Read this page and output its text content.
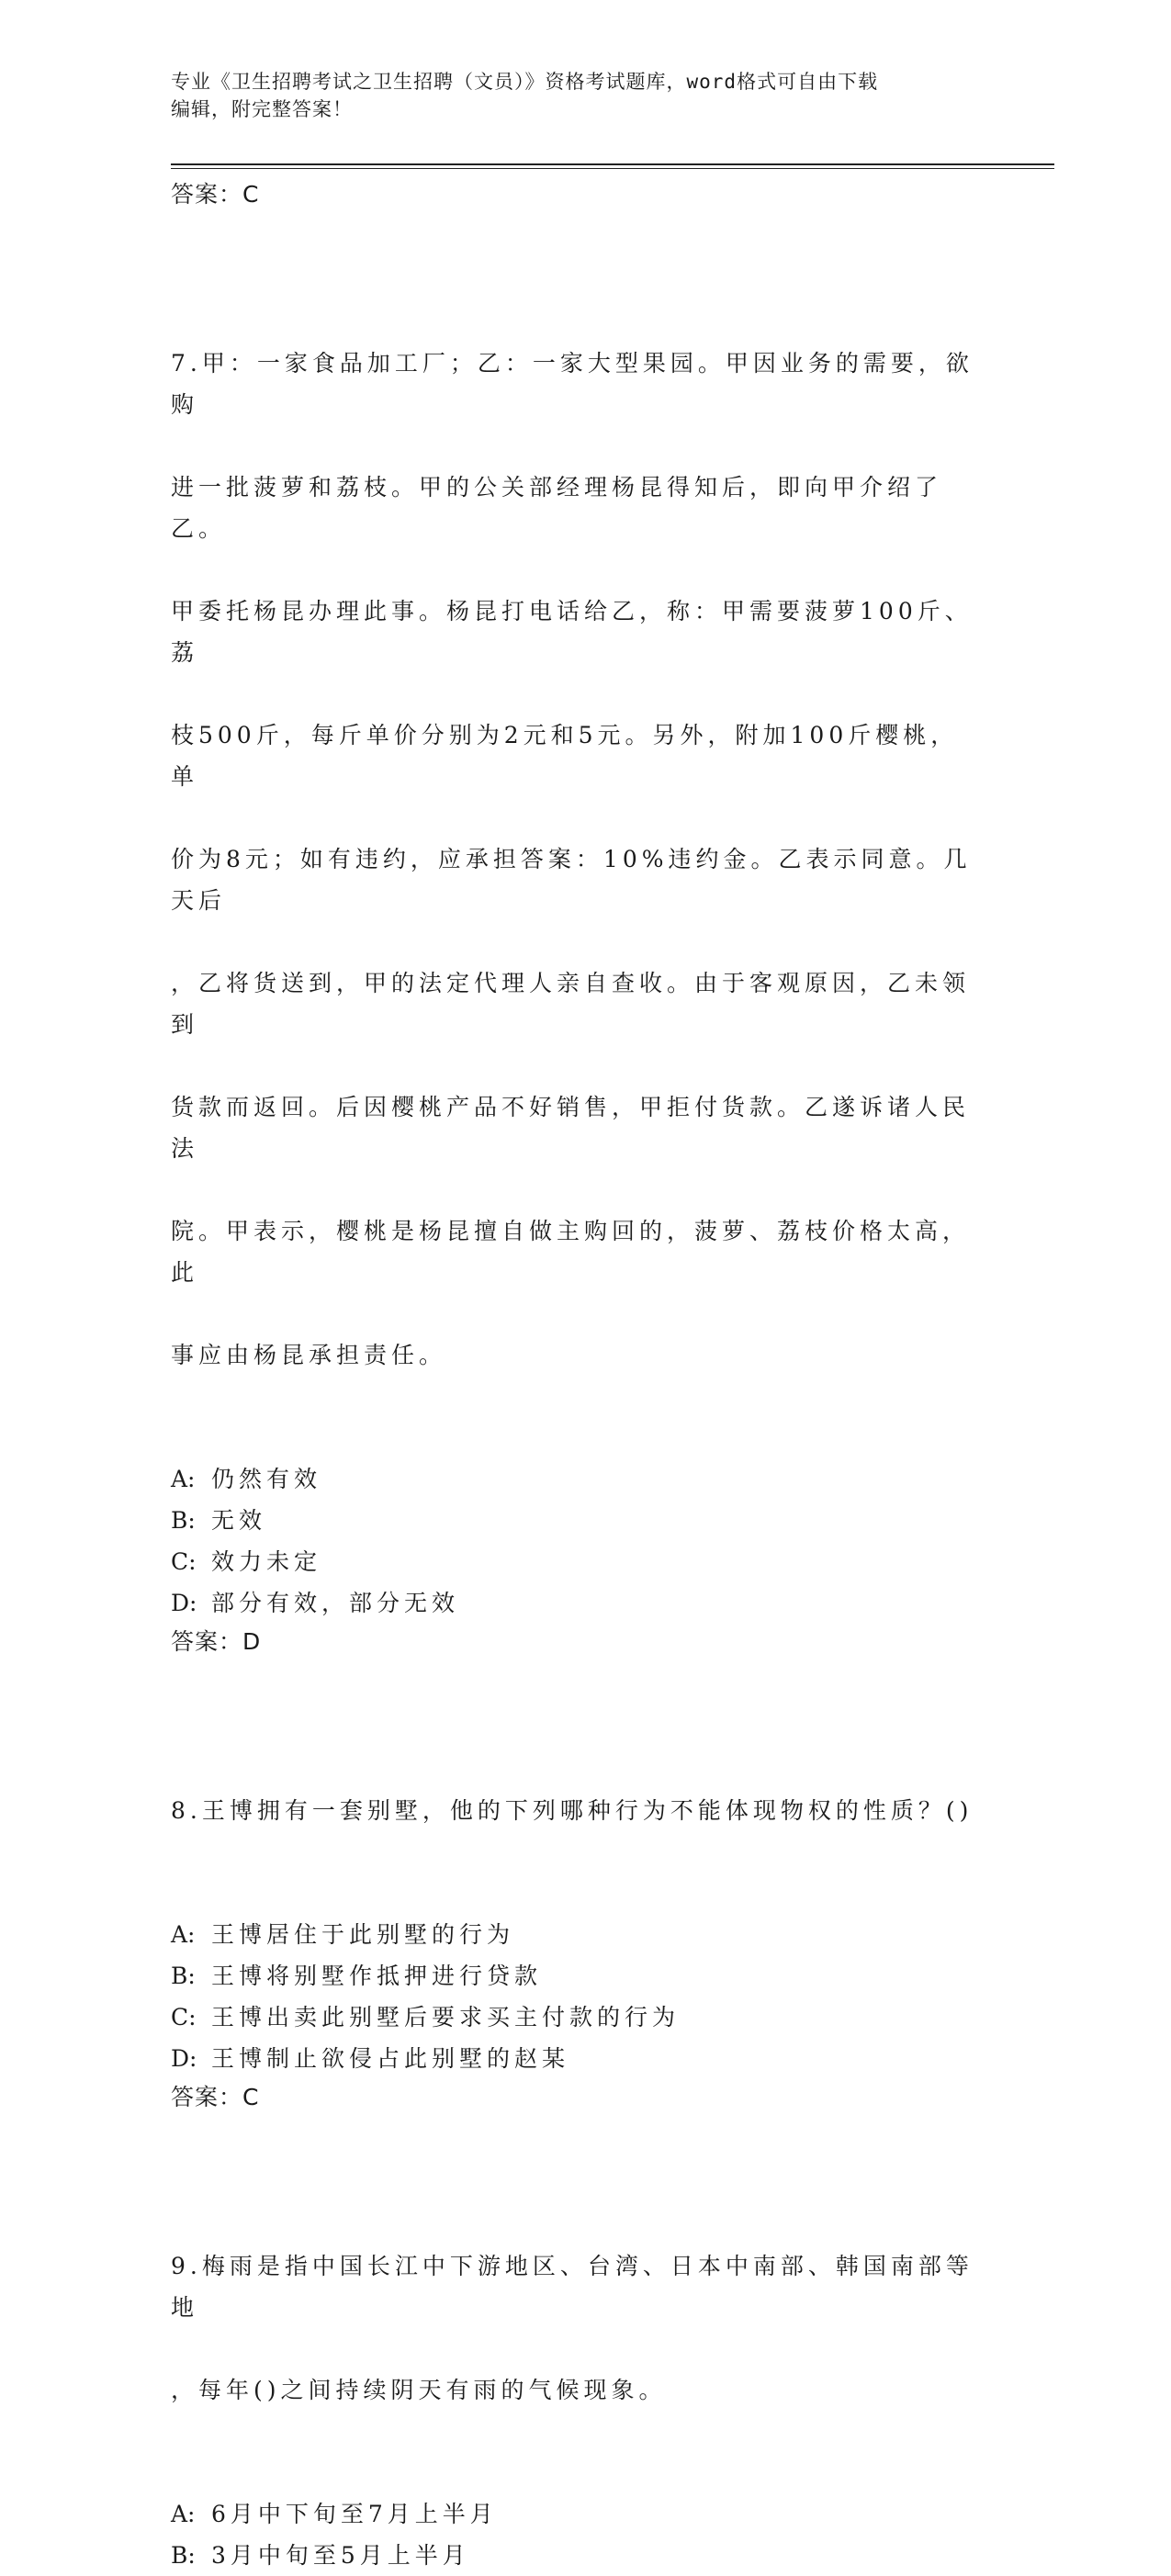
专业《卫生招聘考试之卫生招聘（文员）》资格考试题库，word格式可自由下载
编辑，附完整答案！
答案：C

7.甲：一家食品加工厂；乙：一家大型果园。甲因业务的需要，欲购

进一批菠萝和荔枝。甲的公关部经理杨昆得知后，即向甲介绍了乙。

甲委托杨昆办理此事。杨昆打电话给乙，称：甲需要菠萝100斤、荔

枝500斤，每斤单价分别为2元和5元。另外，附加100斤樱桃，单

价为8元；如有违约，应承担答案：10%违约金。乙表示同意。几天后

，乙将货送到，甲的法定代理人亲自查收。由于客观原因，乙未领到

货款而返回。后因樱桃产品不好销售，甲拒付货款。乙遂诉诸人民法

院。甲表示，樱桃是杨昆擅自做主购回的，菠萝、荔枝价格太高，此

事应由杨昆承担责任。

A: 仍然有效
B: 无效
C: 效力未定
D: 部分有效，部分无效
答案：D

8.王博拥有一套别墅，他的下列哪种行为不能体现物权的性质？()

A: 王博居住于此别墅的行为
B: 王博将别墅作抵押进行贷款
C: 王博出卖此别墅后要求买主付款的行为
D: 王博制止欲侵占此别墅的赵某
答案：C

9.梅雨是指中国长江中下游地区、台湾、日本中南部、韩国南部等地

，每年()之间持续阴天有雨的气候现象。

A: 6月中下旬至7月上半月
B: 3月中旬至5月上半月
